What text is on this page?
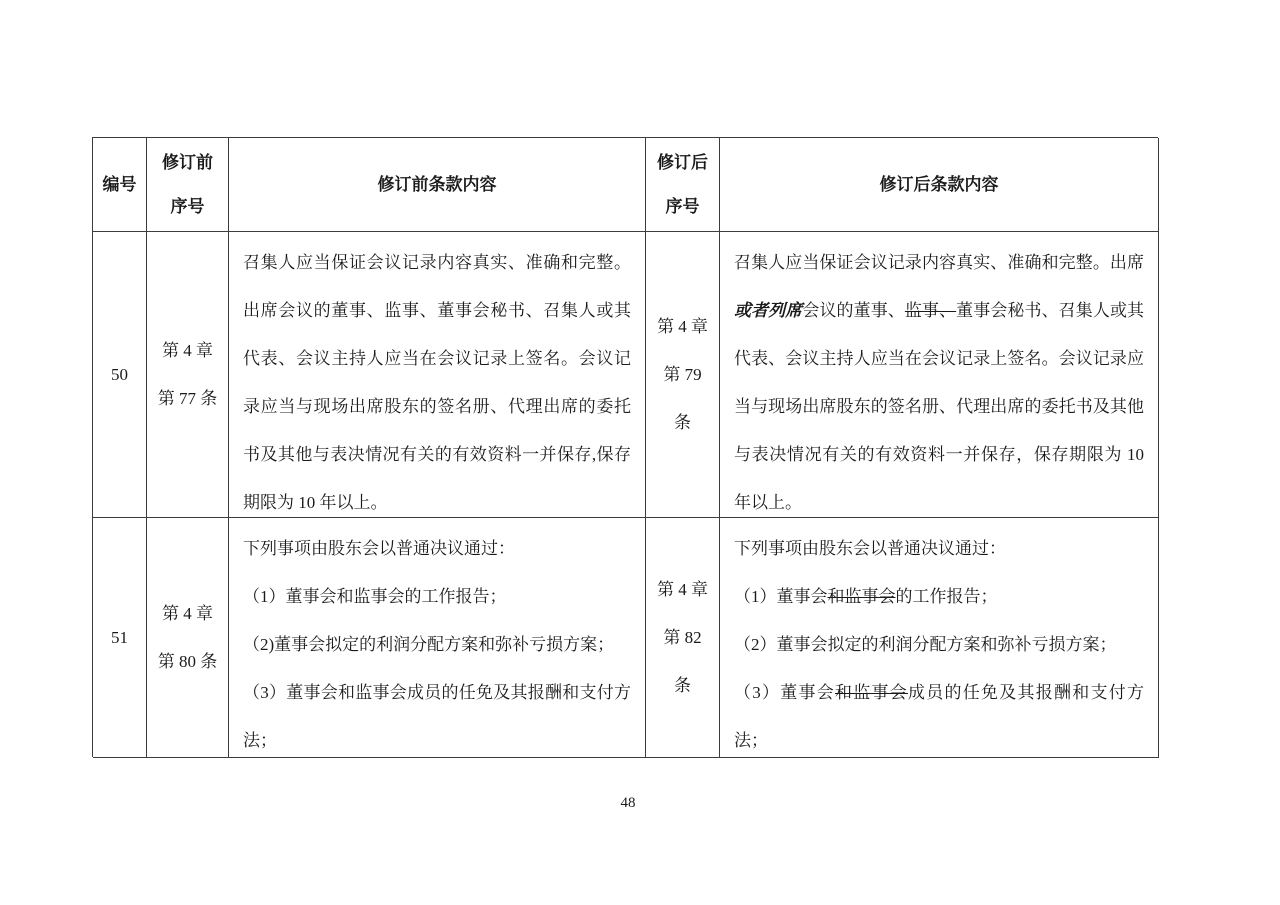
编号
修订前
序号
修订前条款内容
修订后
序号
修订后条款内容
50
第 4 章
第 77 条
召集人应当保证会议记录内容真实、准确和完整。出席会议的董事、监事、董事会秘书、召集人或其代表、会议主持人应当在会议记录上签名。会议记录应当与现场出席股东的签名册、代理出席的委托书及其他与表决情况有关的有效资料一并保存,保存期限为 10 年以上。
第 4 章
第 79
条
召集人应当保证会议记录内容真实、准确和完整。出席或者列席会议的董事、监事、董事会秘书、召集人或其代表、会议主持人应当在会议记录上签名。会议记录应当与现场出席股东的签名册、代理出席的委托书及其他与表决情况有关的有效资料一并保存，保存期限为 10 年以上。
51
第 4 章
第 80 条
下列事项由股东会以普通决议通过：
（1）董事会和监事会的工作报告；
（2)董事会拟定的利润分配方案和弥补亏损方案；
（3）董事会和监事会成员的任免及其报酬和支付方法；
第 4 章
第 82
条
下列事项由股东会以普通决议通过：
（1）董事会和监事会的工作报告；
（2）董事会拟定的利润分配方案和弥补亏损方案；
（3）董事会和监事会成员的任免及其报酬和支付方法；
48
